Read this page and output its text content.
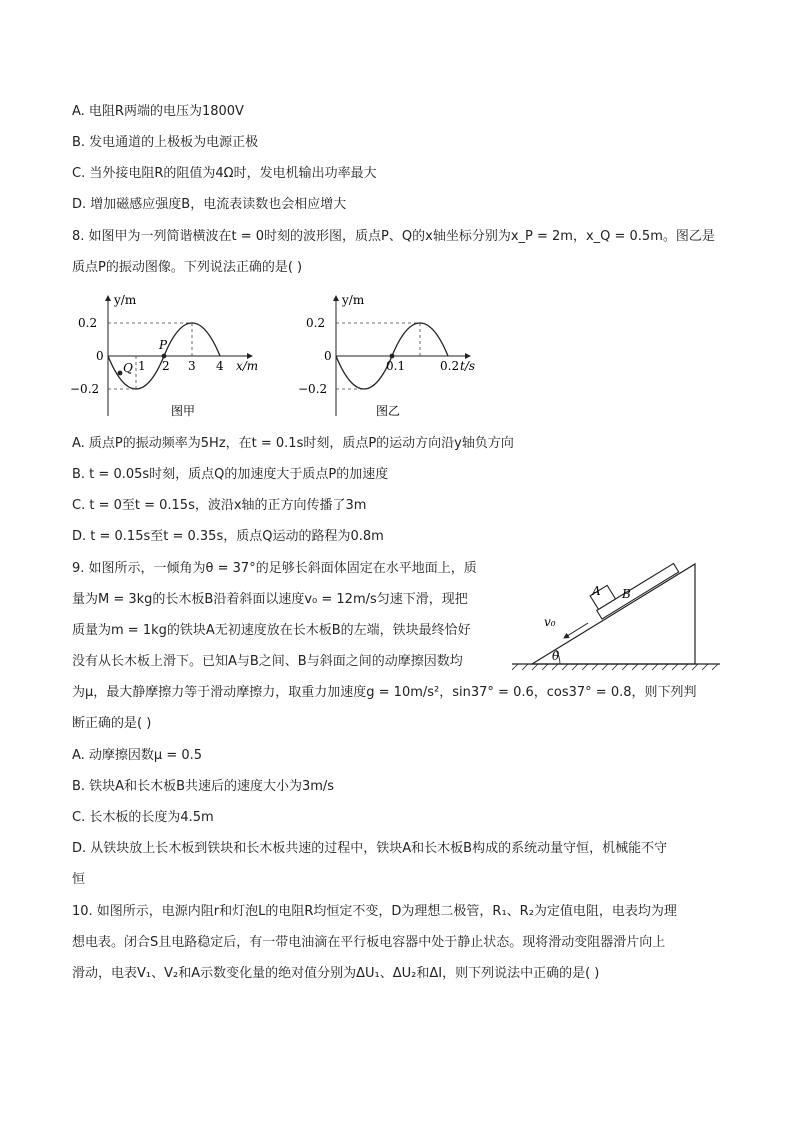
A. 电阻R两端的电压为1800V
B. 发电通道的上极板为电源正极
C. 当外接电阻R的阻值为4Ω时，发电机输出功率最大
D. 增加磁感应强度B，电流表读数也会相应增大
8. 如图甲为一列简谐横波在t = 0时刻的波形图，质点P、Q的x轴坐标分别为x_P = 2m，x_Q = 0.5m。图乙是
质点P的振动图像。下列说法正确的是( )
y/m
0.2
0
−0.2
Q 1
P
2 3 4 x/m
图甲
y/m
0.2
0
−0.2
0.1	0.2 t/s
图乙
A. 质点P的振动频率为5Hz，在t = 0.1s时刻，质点P的运动方向沿y轴负方向
B. t = 0.05s时刻，质点Q的加速度大于质点P的加速度
C. t = 0至t = 0.15s，波沿x轴的正方向传播了3m
D. t = 0.15s至t = 0.35s，质点Q运动的路程为0.8m
9. 如图所示，一倾角为θ = 37°的足够长斜面体固定在水平地面上，质
量为M = 3kg的长木板B沿着斜面以速度v₀ = 12m/s匀速下滑，现把
质量为m = 1kg的铁块A无初速度放在长木板B的左端，铁块最终恰好
没有从长木板上滑下。已知A与B之间、B与斜面之间的动摩擦因数均
为μ，最大静摩擦力等于滑动摩擦力，取重力加速度g = 10m/s²，sin37° = 0.6，cos37° = 0.8，则下列判
断正确的是( )
A B
v₀
θ
A. 动摩擦因数μ = 0.5
B. 铁块A和长木板B共速后的速度大小为3m/s
C. 长木板的长度为4.5m
D. 从铁块放上长木板到铁块和长木板共速的过程中，铁块A和长木板B构成的系统动量守恒，机械能不守
恒
10. 如图所示，电源内阻r和灯泡L的电阻R均恒定不变，D为理想二极管，R₁、R₂为定值电阻，电表均为理
想电表。闭合S且电路稳定后，有一带电油滴在平行板电容器中处于静止状态。现将滑动变阻器滑片向上
滑动，电表V₁、V₂和A示数变化量的绝对值分别为ΔU₁、ΔU₂和ΔI，则下列说法中正确的是( )
